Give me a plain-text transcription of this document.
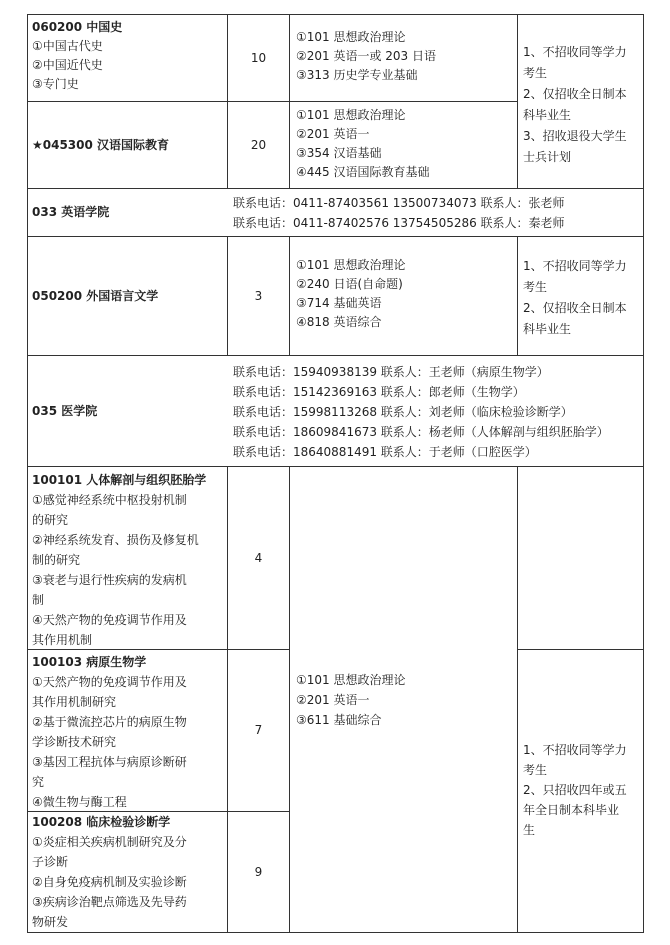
060200 中国史
①中国古代史
②中国近代史
③专门史
10
①101 思想政治理论
②201 英语一或 203 日语
③313 历史学专业基础
★045300 汉语国际教育	20
①101 思想政治理论
②201 英语一
③354 汉语基础
④445 汉语国际教育基础
1、不招收同等学力
考生
2、仅招收全日制本
科毕业生
3、招收退役大学生
士兵计划
033 英语学院
联系电话：0411-87403561 13500734073 联系人：张老师
联系电话：0411-87402576 13754505286 联系人：秦老师
050200 外国语言文学	3
①101 思想政治理论
②240 日语(自命题)
③714 基础英语
④818 英语综合
1、不招收同等学力
考生
2、仅招收全日制本
科毕业生
035 医学院
联系电话：15940938139 联系人：王老师（病原生物学）
联系电话：15142369163 联系人：郎老师（生物学）
联系电话：15998113268 联系人：刘老师（临床检验诊断学）
联系电话：18609841673 联系人：杨老师（人体解剖与组织胚胎学）
联系电话：18640881491 联系人：于老师（口腔医学）
100101 人体解剖与组织胚胎学
①感觉神经系统中枢投射机制
的研究
②神经系统发育、损伤及修复机
制的研究
③衰老与退行性疾病的发病机
制
④天然产物的免疫调节作用及
其作用机制
4
100103 病原生物学
①天然产物的免疫调节作用及
其作用机制研究
②基于微流控芯片的病原生物
学诊断技术研究
③基因工程抗体与病原诊断研
究
④微生物与酶工程
7
100208 临床检验诊断学
①炎症相关疾病机制研究及分
子诊断
②自身免疫病机制及实验诊断
③疾病诊治靶点筛选及先导药
物研发
9
①101 思想政治理论
②201 英语一
③611 基础综合
1、不招收同等学力
考生
2、只招收四年或五
年全日制本科毕业
生
